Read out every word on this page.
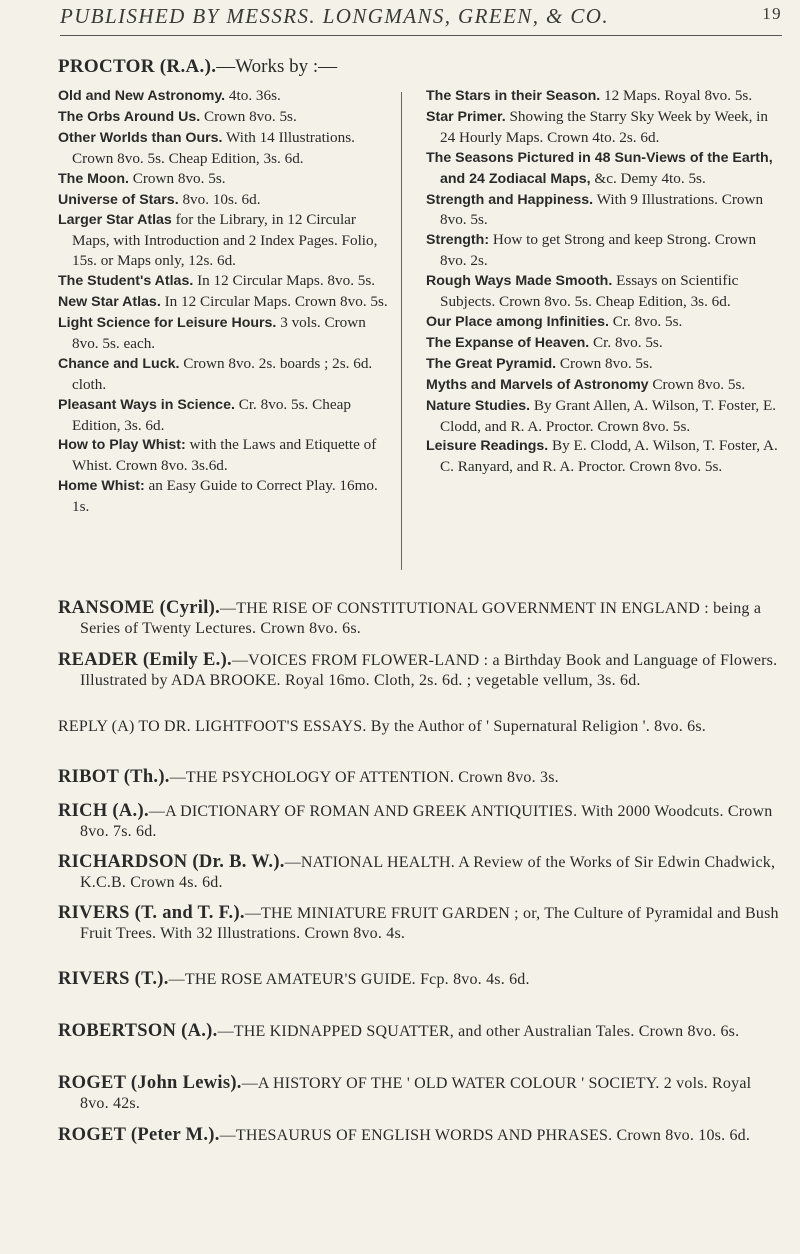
PUBLISHED BY MESSRS. LONGMANS, GREEN, & CO.	19
PROCTOR (R.A.).—Works by :—

Old and New Astronomy. 4to. 36s.

The Orbs Around Us. Crown 8vo. 5s.

Other Worlds than Ours. With 14 Illustrations. Crown 8vo. 5s. Cheap Edition, 3s. 6d.

The Moon. Crown 8vo. 5s.

Universe of Stars. 8vo. 10s. 6d.

Larger Star Atlas for the Library, in 12 Circular Maps, with Introduction and 2 Index Pages. Folio, 15s. or Maps only, 12s. 6d.

The Student's Atlas. In 12 Circular Maps. 8vo. 5s.

New Star Atlas. In 12 Circular Maps. Crown 8vo. 5s.

Light Science for Leisure Hours. 3 vols. Crown 8vo. 5s. each.

Chance and Luck. Crown 8vo. 2s. boards ; 2s. 6d. cloth.

Pleasant Ways in Science. Cr. 8vo. 5s. Cheap Edition, 3s. 6d.

How to Play Whist: with the Laws and Etiquette of Whist. Crown 8vo. 3s.6d.

Home Whist: an Easy Guide to Correct Play. 16mo. 1s.

The Stars in their Season. 12 Maps. Royal 8vo. 5s.

Star Primer. Showing the Starry Sky Week by Week, in 24 Hourly Maps. Crown 4to. 2s. 6d.

The Seasons Pictured in 48 Sun-Views of the Earth, and 24 Zodiacal Maps, &c. Demy 4to. 5s.

Strength and Happiness. With 9 Illustrations. Crown 8vo. 5s.

Strength: How to get Strong and keep Strong. Crown 8vo. 2s.

Rough Ways Made Smooth. Essays on Scientific Subjects. Crown 8vo. 5s. Cheap Edition, 3s. 6d.

Our Place among Infinities. Cr. 8vo. 5s.

The Expanse of Heaven. Cr. 8vo. 5s.

The Great Pyramid. Crown 8vo. 5s.

Myths and Marvels of Astronomy Crown 8vo. 5s.

Nature Studies. By Grant Allen, A. Wilson, T. Foster, E. Clodd, and R. A. Proctor. Crown 8vo. 5s.

Leisure Readings. By E. Clodd, A. Wilson, T. Foster, A. C. Ranyard, and R. A. Proctor. Crown 8vo. 5s.

RANSOME (Cyril).—THE RISE OF CONSTITUTIONAL GOVERNMENT IN ENGLAND : being a Series of Twenty Lectures. Crown 8vo. 6s.

READER (Emily E.).—VOICES FROM FLOWER-LAND : a Birthday Book and Language of Flowers. Illustrated by ADA BROOKE. Royal 16mo. Cloth, 2s. 6d. ; vegetable vellum, 3s. 6d.

REPLY (A) TO DR. LIGHTFOOT'S ESSAYS. By the Author of ' Supernatural Religion '. 8vo. 6s.

RIBOT (Th.).—THE PSYCHOLOGY OF ATTENTION. Crown 8vo. 3s.

RICH (A.).—A DICTIONARY OF ROMAN AND GREEK ANTIQUITIES. With 2000 Woodcuts. Crown 8vo. 7s. 6d.

RICHARDSON (Dr. B. W.).—NATIONAL HEALTH. A Review of the Works of Sir Edwin Chadwick, K.C.B. Crown 4s. 6d.

RIVERS (T. and T. F.).—THE MINIATURE FRUIT GARDEN ; or, The Culture of Pyramidal and Bush Fruit Trees. With 32 Illustrations. Crown 8vo. 4s.

RIVERS (T.).—THE ROSE AMATEUR'S GUIDE. Fcp. 8vo. 4s. 6d.

ROBERTSON (A.).—THE KIDNAPPED SQUATTER, and other Australian Tales. Crown 8vo. 6s.

ROGET (John Lewis).—A HISTORY OF THE ' OLD WATER COLOUR ' SOCIETY. 2 vols. Royal 8vo. 42s.

ROGET (Peter M.).—THESAURUS OF ENGLISH WORDS AND PHRASES. Crown 8vo. 10s. 6d.
